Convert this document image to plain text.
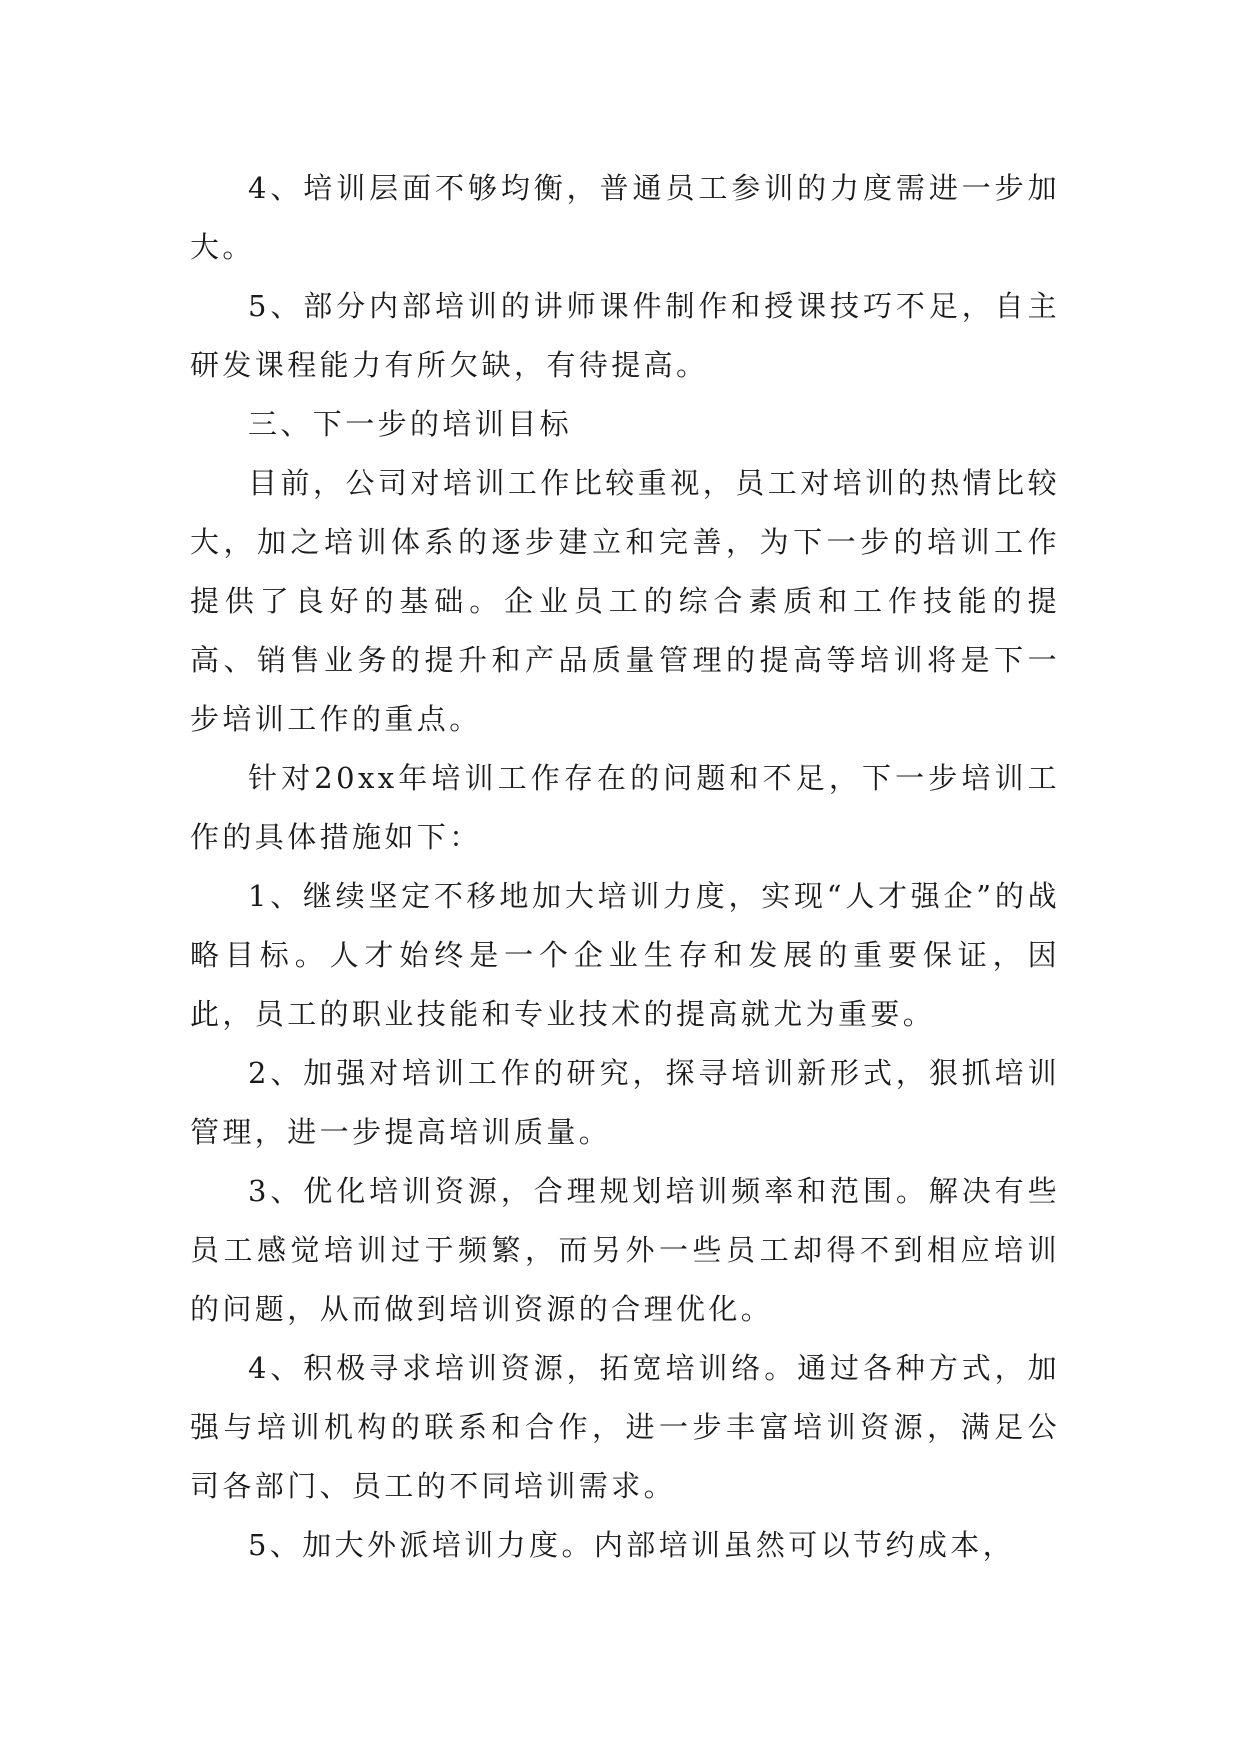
4、培训层面不够均衡，普通员工参训的力度需进一步加大。

5、部分内部培训的讲师课件制作和授课技巧不足，自主研发课程能力有所欠缺，有待提高。

三、下一步的培训目标

目前，公司对培训工作比较重视，员工对培训的热情比较大，加之培训体系的逐步建立和完善，为下一步的培训工作提供了良好的基础。企业员工的综合素质和工作技能的提高、销售业务的提升和产品质量管理的提高等培训将是下一步培训工作的重点。

针对20xx年培训工作存在的问题和不足，下一步培训工作的具体措施如下：

1、继续坚定不移地加大培训力度，实现“人才强企”的战略目标。人才始终是一个企业生存和发展的重要保证，因此，员工的职业技能和专业技术的提高就尤为重要。

2、加强对培训工作的研究，探寻培训新形式，狠抓培训管理，进一步提高培训质量。

3、优化培训资源，合理规划培训频率和范围。解决有些员工感觉培训过于频繁，而另外一些员工却得不到相应培训的问题，从而做到培训资源的合理优化。

4、积极寻求培训资源，拓宽培训络。通过各种方式，加强与培训机构的联系和合作，进一步丰富培训资源，满足公司各部门、员工的不同培训需求。

5、加大外派培训力度。内部培训虽然可以节约成本，
